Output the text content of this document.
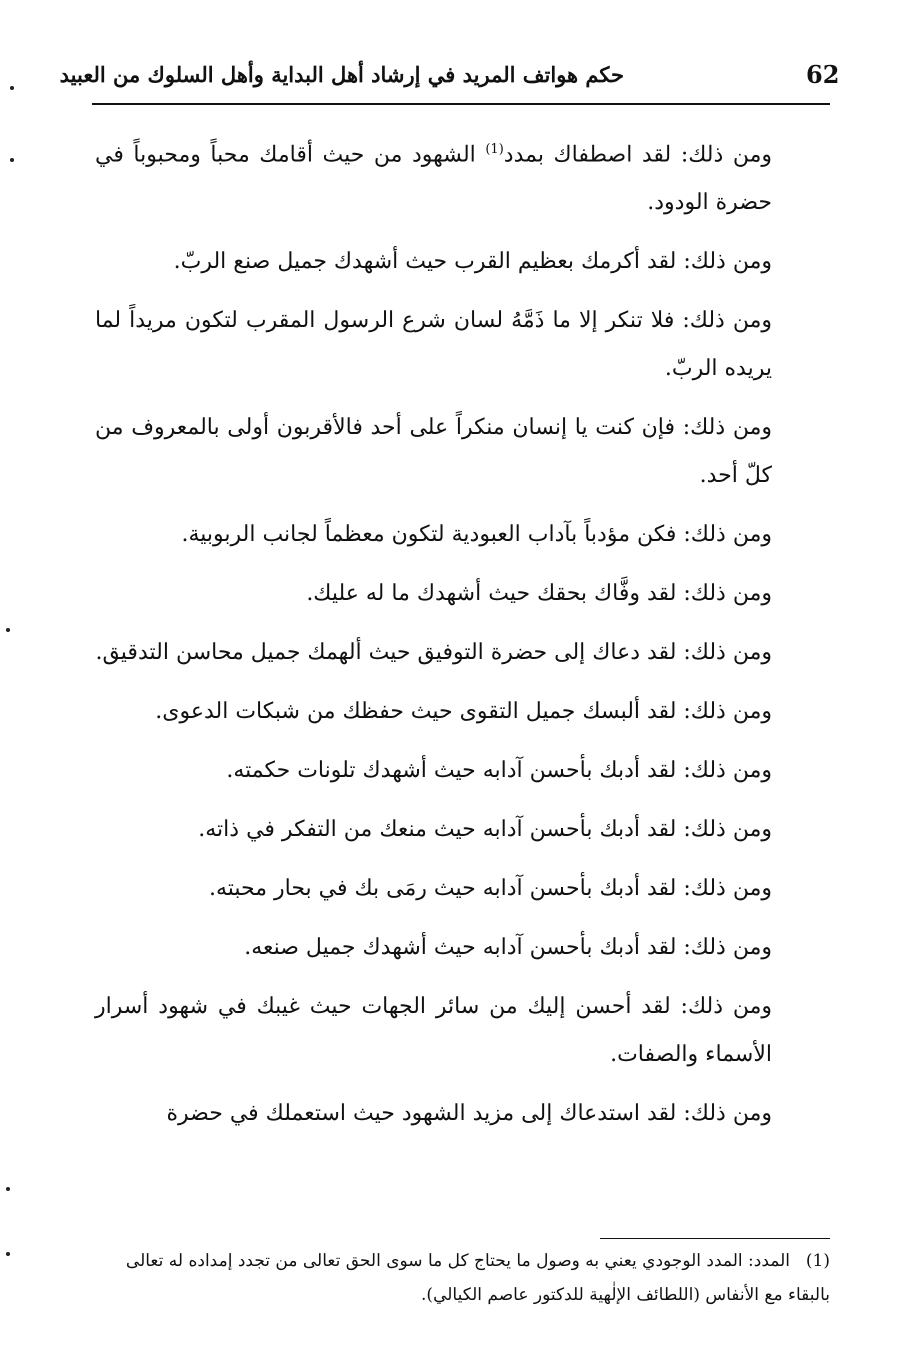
62
حكم هواتف المريد في إرشاد أهل البداية وأهل السلوك من العبيد

ومن ذلك: لقد اصطفاك بمدد$^{(1)}$ الشهود من حيث أقامك محباً ومحبوباً في حضرة الودود.

ومن ذلك: لقد أكرمك بعظيم القرب حيث أشهدك جميل صنع الربّ.

ومن ذلك: فلا تنكر إلا ما ذَمَّهُ لسان شرع الرسول المقرب لتكون مريداً لما يريده الربّ.

ومن ذلك: فإن كنت يا إنسان منكراً على أحد فالأقربون أولى بالمعروف من كلّ أحد.

ومن ذلك: فكن مؤدباً بآداب العبودية لتكون معظماً لجانب الربوبية.

ومن ذلك: لقد وفَّاك بحقك حيث أشهدك ما له عليك.

ومن ذلك: لقد دعاك إلى حضرة التوفيق حيث ألهمك جميل محاسن التدقيق.

ومن ذلك: لقد ألبسك جميل التقوى حيث حفظك من شبكات الدعوى.

ومن ذلك: لقد أدبك بأحسن آدابه حيث أشهدك تلونات حكمته.

ومن ذلك: لقد أدبك بأحسن آدابه حيث منعك من التفكر في ذاته.

ومن ذلك: لقد أدبك بأحسن آدابه حيث رمَى بك في بحار محبته.

ومن ذلك: لقد أدبك بأحسن آدابه حيث أشهدك جميل صنعه.

ومن ذلك: لقد أحسن إليك من سائر الجهات حيث غيبك في شهود أسرار الأسماء والصفات.

ومن ذلك: لقد استدعاك إلى مزيد الشهود حيث استعملك في حضرة

(1)المدد: المدد الوجودي يعني به وصول ما يحتاج كل ما سوى الحق تعالى من تجدد إمداده له تعالى بالبقاء مع الأنفاس (اللطائف الإلٰهية للدكتور عاصم الكيالي).
